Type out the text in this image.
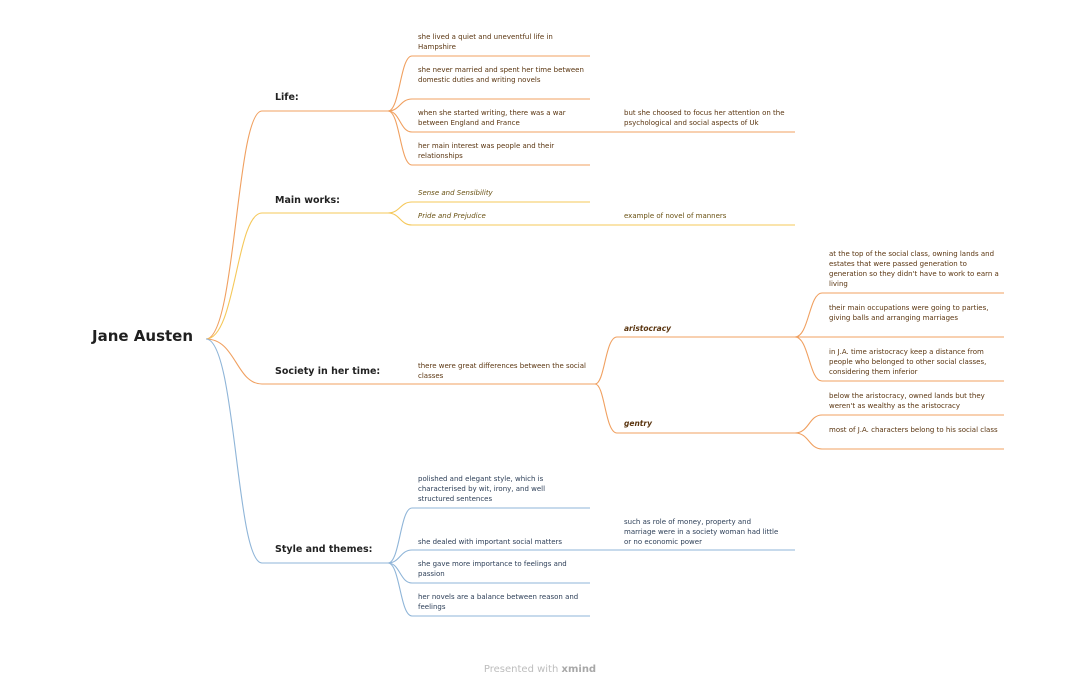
Jane Austen
Life:
Main works:
Society in her time:
Style and themes:
she lived a quiet and uneventful life in Hampshire
she never married and spent her time between domestic duties and writing novels
when she started writing, there was a war between England and France
her main interest was people and their relationships
but she choosed to focus her attention on the psychological and social aspects of Uk
Sense and Sensibility
Pride and Prejudice	example of novel of manners
there were great differences between the social classes
aristocracy
gentry
at the top of the social class, owning lands and estates that were passed generation to generation so they didn't have to work to earn a living
their main occupations were going to parties, giving balls and arranging marriages
in J.A. time aristocracy keep a distance from people who belonged to other social classes, considering them inferior
below the aristocracy, owned lands but they weren't as wealthy as the aristocracy
most of J.A. characters belong to his social class
polished and elegant style, which is characterised by wit, irony, and well structured sentences
she dealed with important social matters
she gave more importance to feelings and passion
her novels are a balance between reason and feelings
such as role of money, property and marriage were in a society woman had little or no economic power
Presented with xmind
